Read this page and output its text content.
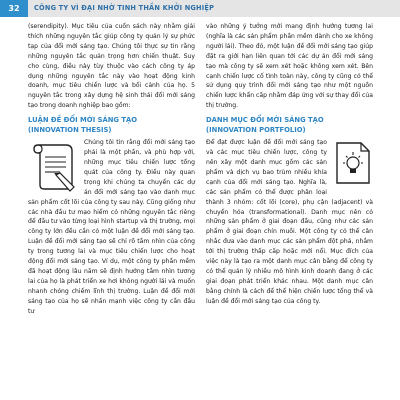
32	CÔNG TY VÌ ĐẠI NHỜ TINH THẦN KHỞI NGHIỆP

(serendipity). Mục tiêu của cuốn sách này nhằm giải thích những nguyên tắc giúp công ty quản lý sự phức tạp của đổi mới sáng tạo. Chúng tôi thực sự tin rằng những nguyên tắc quản trọng hơn chiến thuật. Suy cho cùng, điều này tùy thuộc vào cách công ty áp dụng những nguyên tắc này vào hoạt động kinh doanh, mục tiêu chiến lược và bối cảnh của họ. 5 nguyên tắc trong xây dựng hệ sinh thái đổi mới sáng tạo trong doanh nghiệp bao gồm:

LUẬN ĐỀ ĐỔI MỚI SÁNG TẠO
(INNOVATION THESIS)

Chúng tôi tin rằng đổi mới sáng tạo phải là một phần, và phù hợp với, những mục tiêu chiến lược tổng quát của công ty. Điều này quan trọng khi chúng ta chuyển các dự án đổi mới sáng tạo vào danh mục sản phẩm cốt lõi của công ty sau này. Cũng giống như các nhà đầu tư mạo hiểm có những nguyên tắc riêng để đầu tư vào từng loại hình startup và thị trường, mọi công ty lớn đều cần có một luận đề đổi mới sáng tạo. Luận đề đổi mới sáng tạo sẽ chỉ rõ tầm nhìn của công ty trong tương lai và mục tiêu chiến lược cho hoạt động đổi mới sáng tạo. Ví dụ, một công ty phần mềm đã hoạt động lâu năm sẽ định hướng tầm nhìn tương lai của họ là phát triển xe hơi không người lái và muốn nhanh chóng chiếm lĩnh thị trường. Luận đề đổi mới sáng tạo của họ sẽ nhấn mạnh việc công ty cần đầu tư

vào những ý tưởng mới mang định hướng tương lai (nghĩa là các sản phẩm phần mềm dành cho xe không người lái). Theo đó, một luận đề đổi mới sáng tạo giúp đặt ra giới hạn liên quan tới các dự án đổi mới sáng tạo mà công ty sẽ xem xét hoặc không xem xét. Bên cạnh chiến lược cố tình toàn này, công ty cũng có thể sử dụng quy trình đổi mới sáng tạo như một nguồn chiến lược khẩn cấp nhằm đáp ứng với sự thay đổi của thị trường.

DANH MỤC ĐỔI MỚI SÁNG TẠO
(INNOVATION PORTFOLIO)

Để đạt được luận đề đổi mới sáng tạo và các mục tiêu chiến lược, công ty nên xây một danh mục gồm các sản phẩm và dịch vụ bao trùm nhiều khía cạnh của đổi mới sáng tạo. Nghĩa là, các sản phẩm có thể được phân loại thành 3 nhóm: cốt lõi (core), phụ cận (adjacent) và chuyển hóa (transformational). Danh mục nên có những sản phẩm ở giai đoạn đầu, cũng như các sản phẩm ở giai đoạn chín muồi. Một công ty có thể cân nhắc đưa vào danh mục các sản phẩm đột phá, nhắm tới thị trường thấp cấp hoặc mới nổi. Mục đích của việc này là tạo ra một danh mục cân bằng để công ty có thể quản lý nhiều mô hình kinh doanh đang ở các giai đoạn phát triển khác nhau. Một danh mục cân bằng chính là cách để thể hiện chiến lược tổng thể và luận đề đổi mới sáng tạo của công ty.
